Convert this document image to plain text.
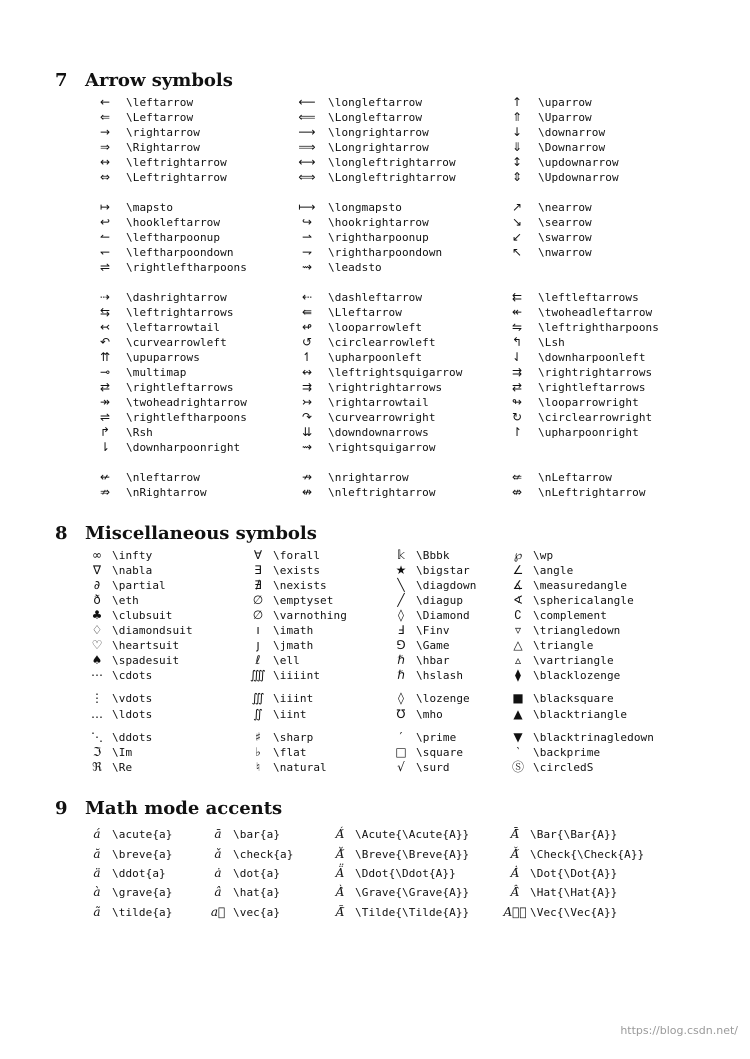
7 Arrow symbols
←	\leftarrow	⟵	\longleftarrow	↑	\uparrow
⇐	\Leftarrow	⟸	\Longleftarrow	⇑	\Uparrow
→	\rightarrow	⟶	\longrightarrow	↓	\downarrow
⇒	\Rightarrow	⟹	\Longrightarrow	⇓	\Downarrow
↔	\leftrightarrow	⟷	\longleftrightarrow	↕	\updownarrow
⇔	\Leftrightarrow	⟺	\Longleftrightarrow	⇕	\Updownarrow
↦	\mapsto	⟼	\longmapsto	↗	\nearrow
↩	\hookleftarrow	↪	\hookrightarrow	↘	\searrow
↼	\leftharpoonup	⇀	\rightharpoonup	↙	\swarrow
↽	\leftharpoondown	⇁	\rightharpoondown	↖	\nwarrow
⇌	\rightleftharpoons	⇝	\leadsto
⇢	\dashrightarrow	⇠	\dashleftarrow	⇇	\leftleftarrows
⇆	\leftrightarrows	⇚	\Lleftarrow	↞	\twoheadleftarrow
↢	\leftarrowtail	↫	\looparrowleft	⇋	\leftrightharpoons
↶	\curvearrowleft	↺	\circlearrowleft	↰	\Lsh
⇈	\upuparrows	↿	\upharpoonleft	⇃	\downharpoonleft
⊸	\multimap	↭	\leftrightsquigarrow	⇉	\rightrightarrows
⇄	\rightleftarrows	⇉	\rightrightarrows	⇄	\rightleftarrows
↠	\twoheadrightarrow	↣	\rightarrowtail	↬	\looparrowright
⇌	\rightleftharpoons	↷	\curvearrowright	↻	\circlearrowright
↱	\Rsh	⇊	\downdownarrows	↾	\upharpoonright
⇂	\downharpoonright	⇝	\rightsquigarrow
↚	\nleftarrow	↛	\nrightarrow	⇍	\nLeftarrow
⇏	\nRightarrow	↮	\nleftrightarrow	⇎	\nLeftrightarrow
8 Miscellaneous symbols
∞ \infty	∀ \forall	𝕜	\Bbbk	℘ \wp
∇ \nabla	∃	\exists	★ \bigstar	∠ \angle
∂	\partial	∄	\nexists	╲	\diagdown	∡ \measuredangle
ð	\eth	∅ \emptyset	╱	\diagup	∢ \sphericalangle
♣ \clubsuit	∅ \varnothing	◊	\Diamond	∁	\complement
♢ \diamondsuit	ı	\imath	Ⅎ	\Finv	▿	\triangledown
♡ \heartsuit	ȷ	\jmath	⅁ \Game	△ \triangle
♠ \spadesuit	ℓ	\ell	ℏ	\hbar	▵	\vartriangle
⋯ \cdots	⨌ \iiiint	ℏ	\hslash	⧫	\blacklozenge
⋮ \vdots	∭ \iiint	◊	\lozenge	■ \blacksquare
… \ldots	∬ \iint	℧ \mho	▲ \blacktriangle
⋱ \ddots	♯	\sharp	′	\prime	▼ \blacktrinagledown
ℑ \Im	♭	\flat	□ \square	‵	\backprime
ℜ \Re	♮	\natural	√	\surd	Ⓢ \circledS
9 Math mode accents
á	\acute{a}	ā	\bar{a}	Á́ \Acute{\Acute{A}}	Ā̄ \Bar{\Bar{A}}
ă	\breve{a}	ǎ	\check{a}	Ă̆ \Breve{\Breve{A}}	Ǎ̌ \Check{\Check{A}}
ä	\ddot{a}	ȧ	\dot{a}	Ä̈ \Ddot{\Ddot{A}}	Ȧ̇ \Dot{\Dot{A}}
à	\grave{a}	â	\hat{a}	À̀ \Grave{\Grave{A}}	Â̂ \Hat{\Hat{A}}
ã	\tilde{a}	a⃗ \vec{a}	Ã̃ \Tilde{\Tilde{A}}	A⃗⃗ \Vec{\Vec{A}}
https://blog.csdn.net/
